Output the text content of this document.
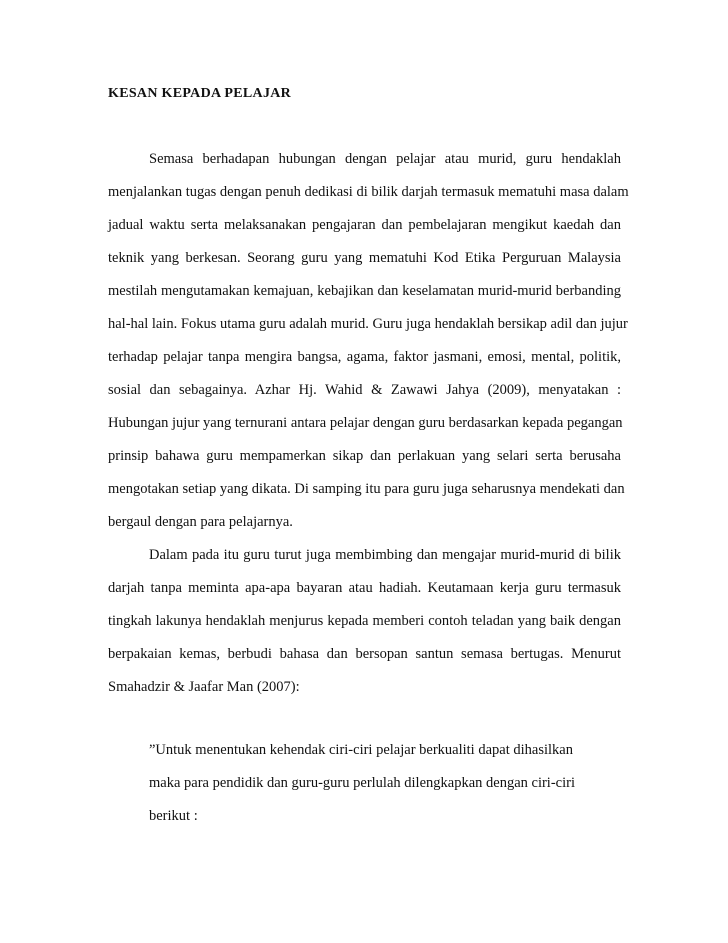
KESAN KEPADA PELAJAR
Semasa berhadapan hubungan dengan pelajar atau murid, guru hendaklah
menjalankan tugas dengan penuh dedikasi di bilik darjah termasuk mematuhi masa dalam
jadual waktu serta melaksanakan pengajaran dan pembelajaran mengikut kaedah dan
teknik yang berkesan. Seorang guru yang mematuhi Kod Etika Perguruan Malaysia
mestilah mengutamakan kemajuan, kebajikan dan keselamatan murid-murid berbanding
hal-hal lain. Fokus utama guru adalah murid. Guru juga hendaklah bersikap adil dan jujur
terhadap pelajar tanpa mengira bangsa, agama, faktor jasmani, emosi, mental, politik,
sosial dan sebagainya. Azhar Hj. Wahid & Zawawi Jahya (2009), menyatakan :
Hubungan jujur yang ternurani antara pelajar dengan guru berdasarkan kepada pegangan
prinsip bahawa guru mempamerkan sikap dan perlakuan yang selari serta berusaha
mengotakan setiap yang dikata. Di samping itu para guru juga seharusnya mendekati dan
bergaul dengan para pelajarnya.
Dalam pada itu guru turut juga membimbing dan mengajar murid-murid di bilik
darjah tanpa meminta apa-apa bayaran atau hadiah. Keutamaan kerja guru termasuk
tingkah lakunya hendaklah menjurus kepada memberi contoh teladan yang baik dengan
berpakaian kemas, berbudi bahasa dan bersopan santun semasa bertugas. Menurut
Smahadzir & Jaafar Man (2007):
”Untuk menentukan kehendak ciri-ciri pelajar berkualiti dapat dihasilkan
maka para pendidik dan guru-guru perlulah dilengkapkan dengan ciri-ciri
berikut :
